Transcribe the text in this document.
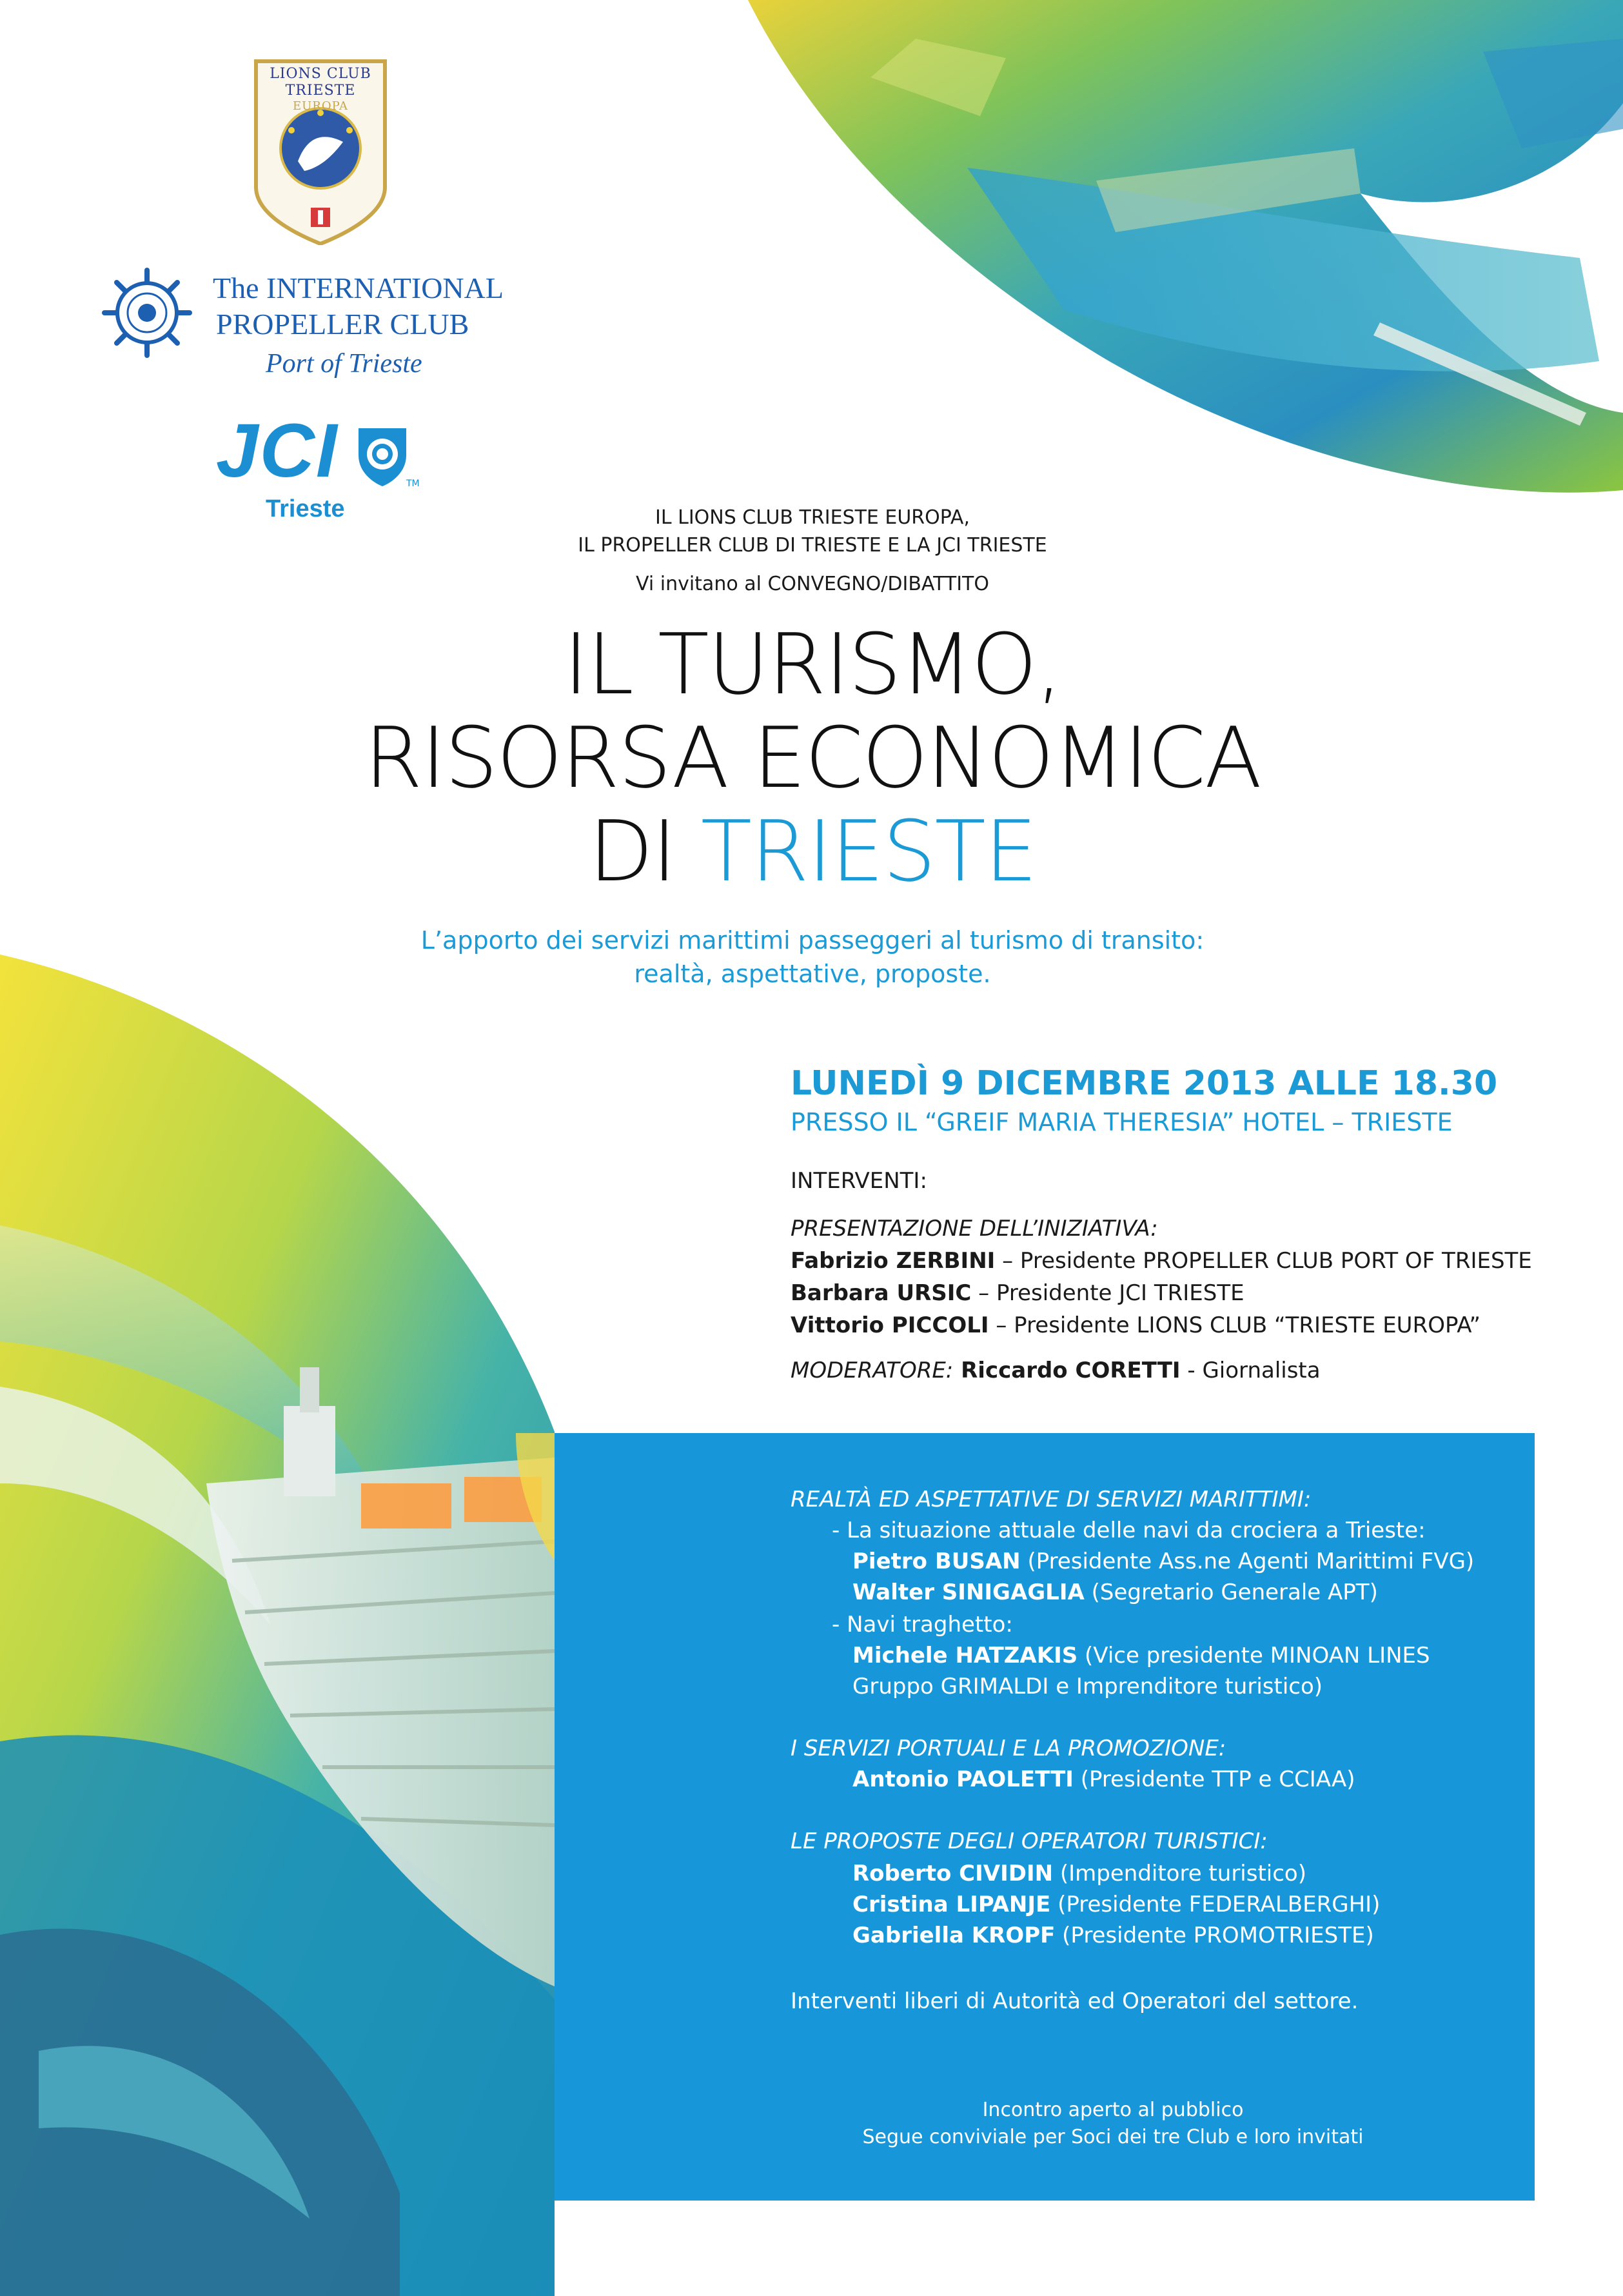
LIONS CLUB
TRIESTE
EUROPA
The INTERNATIONAL
PROPELLER CLUB
Port of Trieste
JCI
Trieste
TM
IL LIONS CLUB TRIESTE EUROPA,
IL PROPELLER CLUB DI TRIESTE E LA JCI TRIESTE
Vi invitano al CONVEGNO/DIBATTITO
IL TURISMO,
RISORSA ECONOMICA
DI TRIESTE
L’apporto dei servizi marittimi passeggeri al turismo di transito:
realtà, aspettative, proposte.
LUNEDÌ 9 DICEMBRE 2013 ALLE 18.30
PRESSO IL “GREIF MARIA THERESIA” HOTEL – TRIESTE
INTERVENTI:
PRESENTAZIONE DELL’INIZIATIVA:
Fabrizio ZERBINI – Presidente PROPELLER CLUB PORT OF TRIESTE
Barbara URSIC – Presidente JCI TRIESTE
Vittorio PICCOLI – Presidente LIONS CLUB “TRIESTE EUROPA”
MODERATORE: Riccardo CORETTI - Giornalista
REALTÀ ED ASPETTATIVE DI SERVIZI MARITTIMI:
- La situazione attuale delle navi da crociera a Trieste:
Pietro BUSAN (Presidente Ass.ne Agenti Marittimi FVG)
Walter SINIGAGLIA (Segretario Generale APT)
- Navi traghetto:
Michele HATZAKIS (Vice presidente MINOAN LINES
Gruppo GRIMALDI e Imprenditore turistico)
I SERVIZI PORTUALI E LA PROMOZIONE:
Antonio PAOLETTI (Presidente TTP e CCIAA)
LE PROPOSTE DEGLI OPERATORI TURISTICI:
Roberto CIVIDIN (Impenditore turistico)
Cristina LIPANJE (Presidente FEDERALBERGHI)
Gabriella KROPF (Presidente PROMOTRIESTE)
Interventi liberi di Autorità ed Operatori del settore.
Incontro aperto al pubblico
Segue conviviale per Soci dei tre Club e loro invitati
